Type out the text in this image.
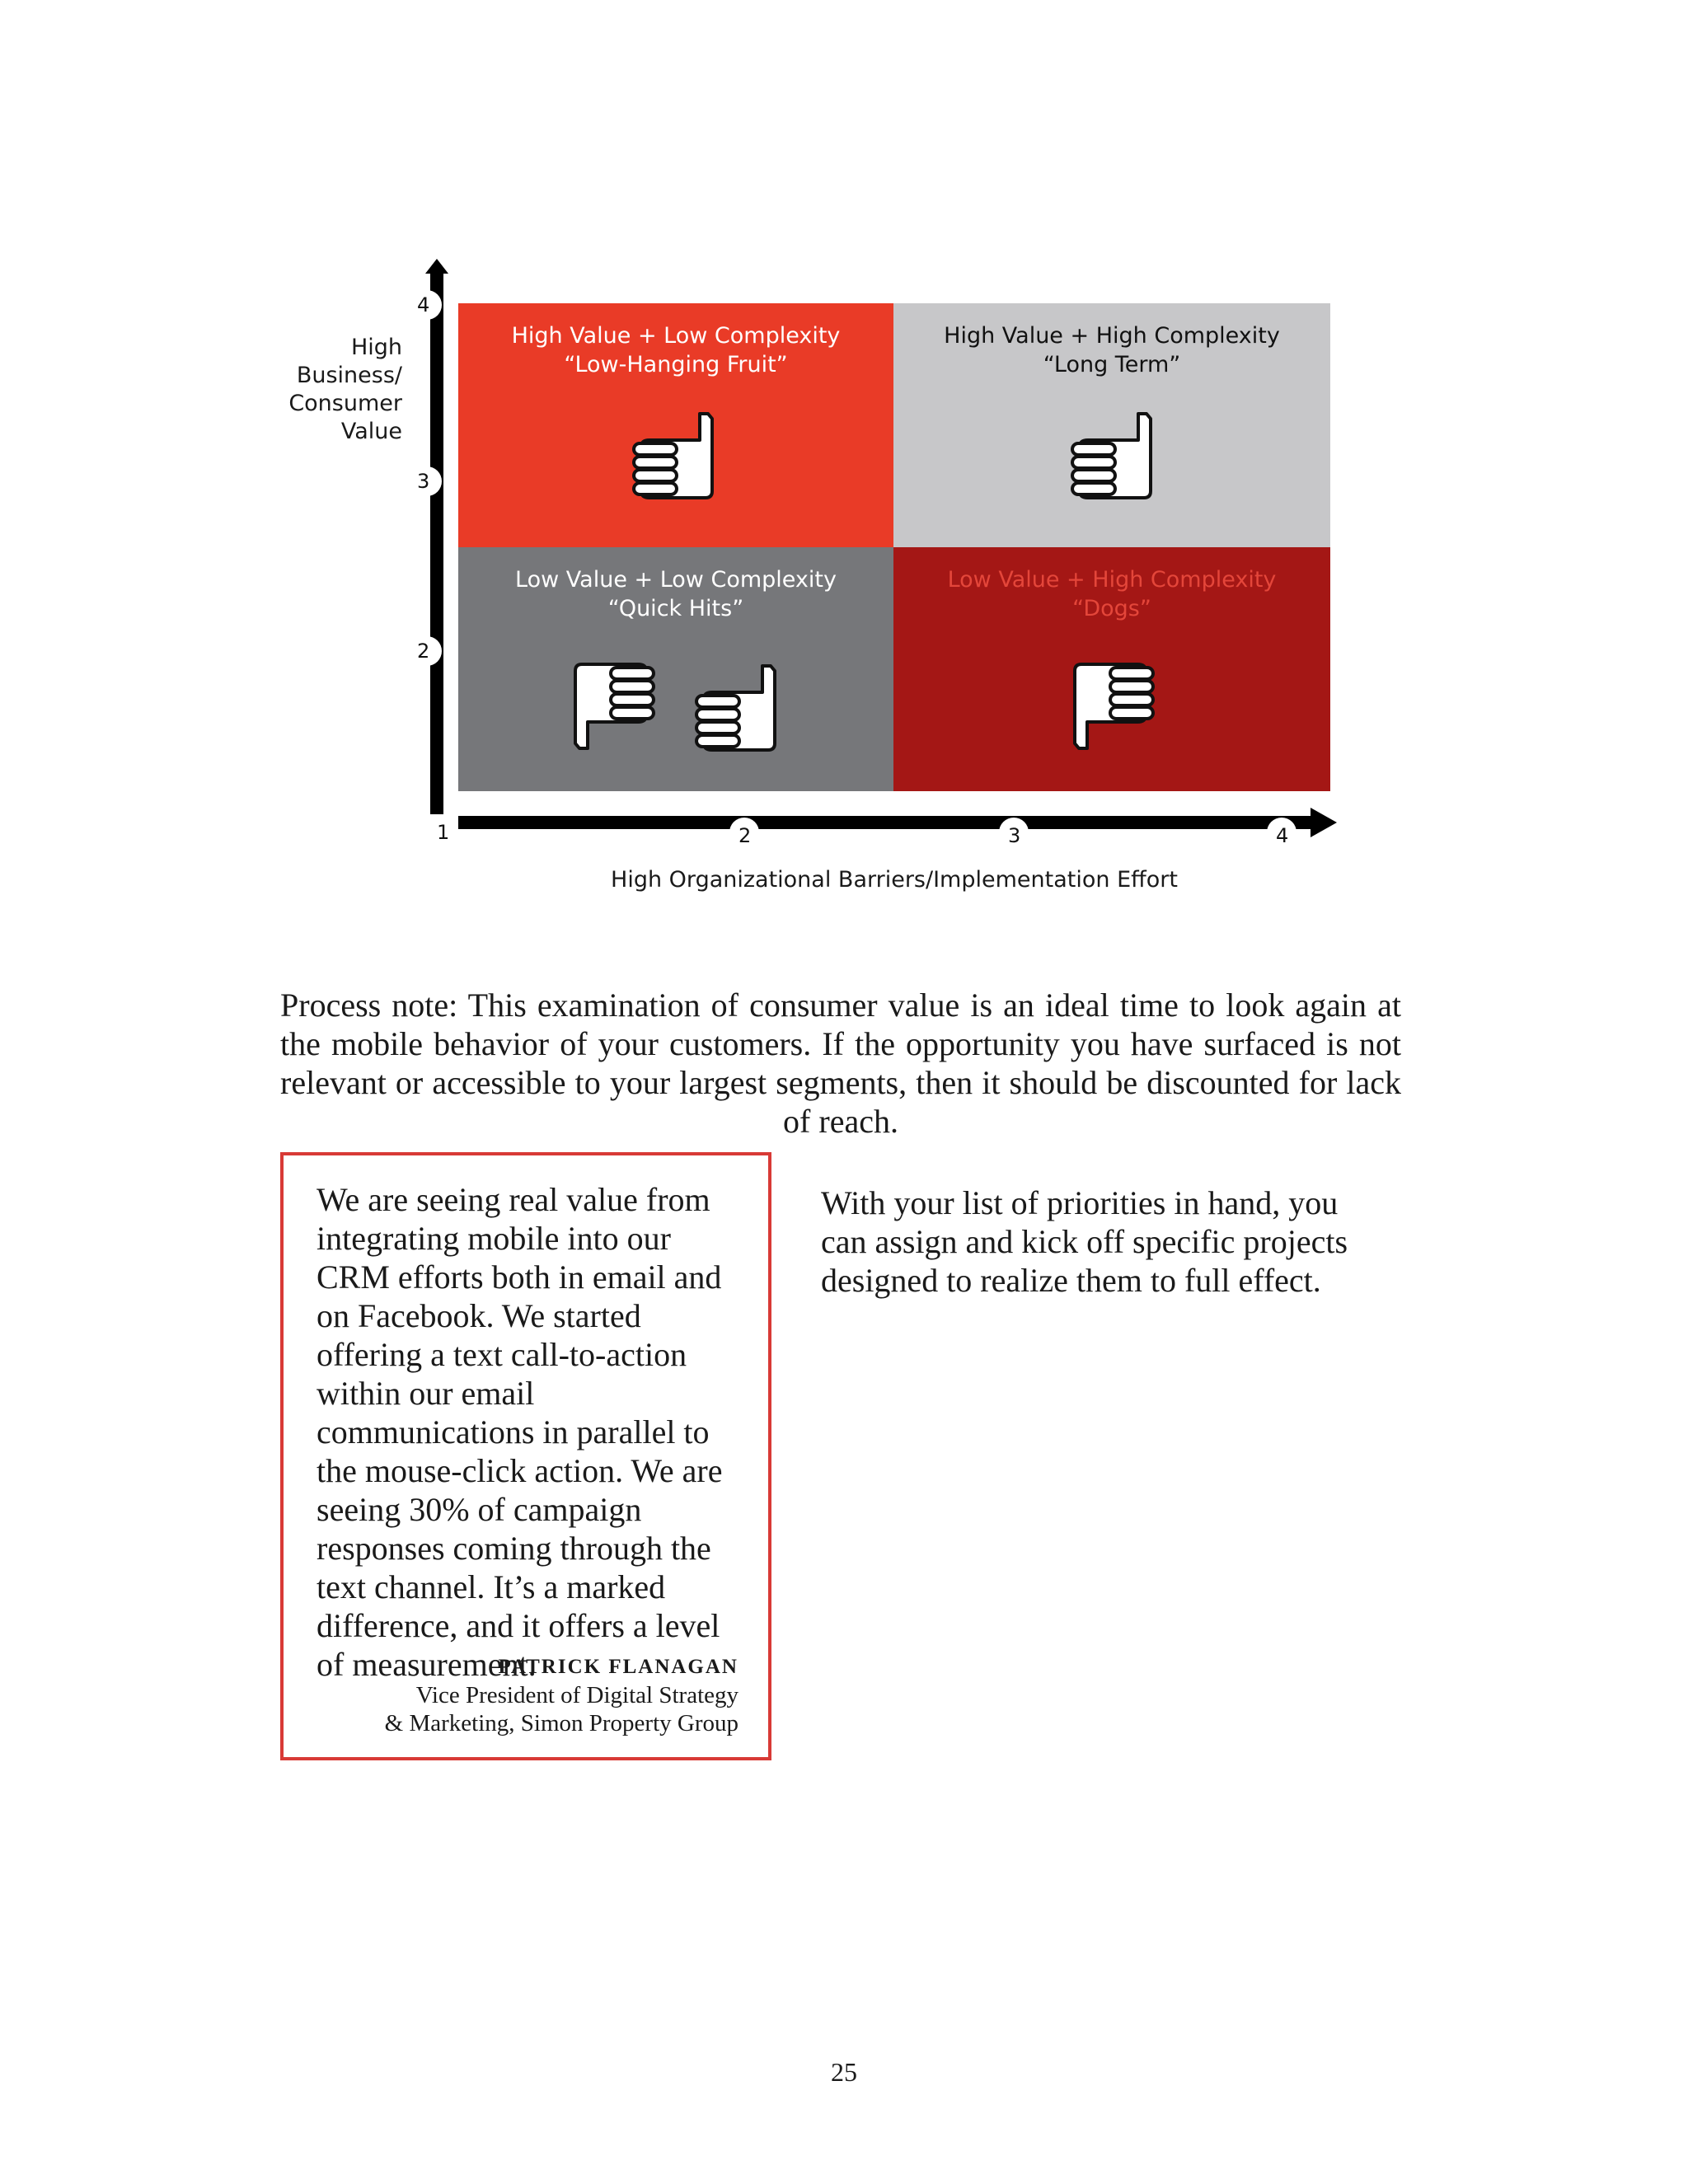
High
Business/
Consumer
Value
4
3
2
1	2	3	4
High Value + Low Complexity
“Low-Hanging Fruit”
High Value + High Complexity
“Long Term”
Low Value + Low Complexity
“Quick Hits”
Low Value + High Complexity
“Dogs”
High Organizational Barriers/Implementation Effort

Process note: This examination of consumer value is an ideal time to look again at the mobile behavior of your customers. If the opportunity you have surfaced is not relevant or accessible to your largest segments, then it should be discounted for lack of reach.

We are seeing real value from integrating mobile into our CRM efforts both in email and on Facebook. We started offering a text call-to-action within our email communications in parallel to the mouse-click action. We are seeing 30% of campaign responses coming through the text channel. It’s a marked difference, and it offers a level of measurement.
PATRICK FLANAGAN
Vice President of Digital Strategy
& Marketing, Simon Property Group

With your list of priorities in hand, you can assign and kick off specific projects designed to realize them to full effect.

25
